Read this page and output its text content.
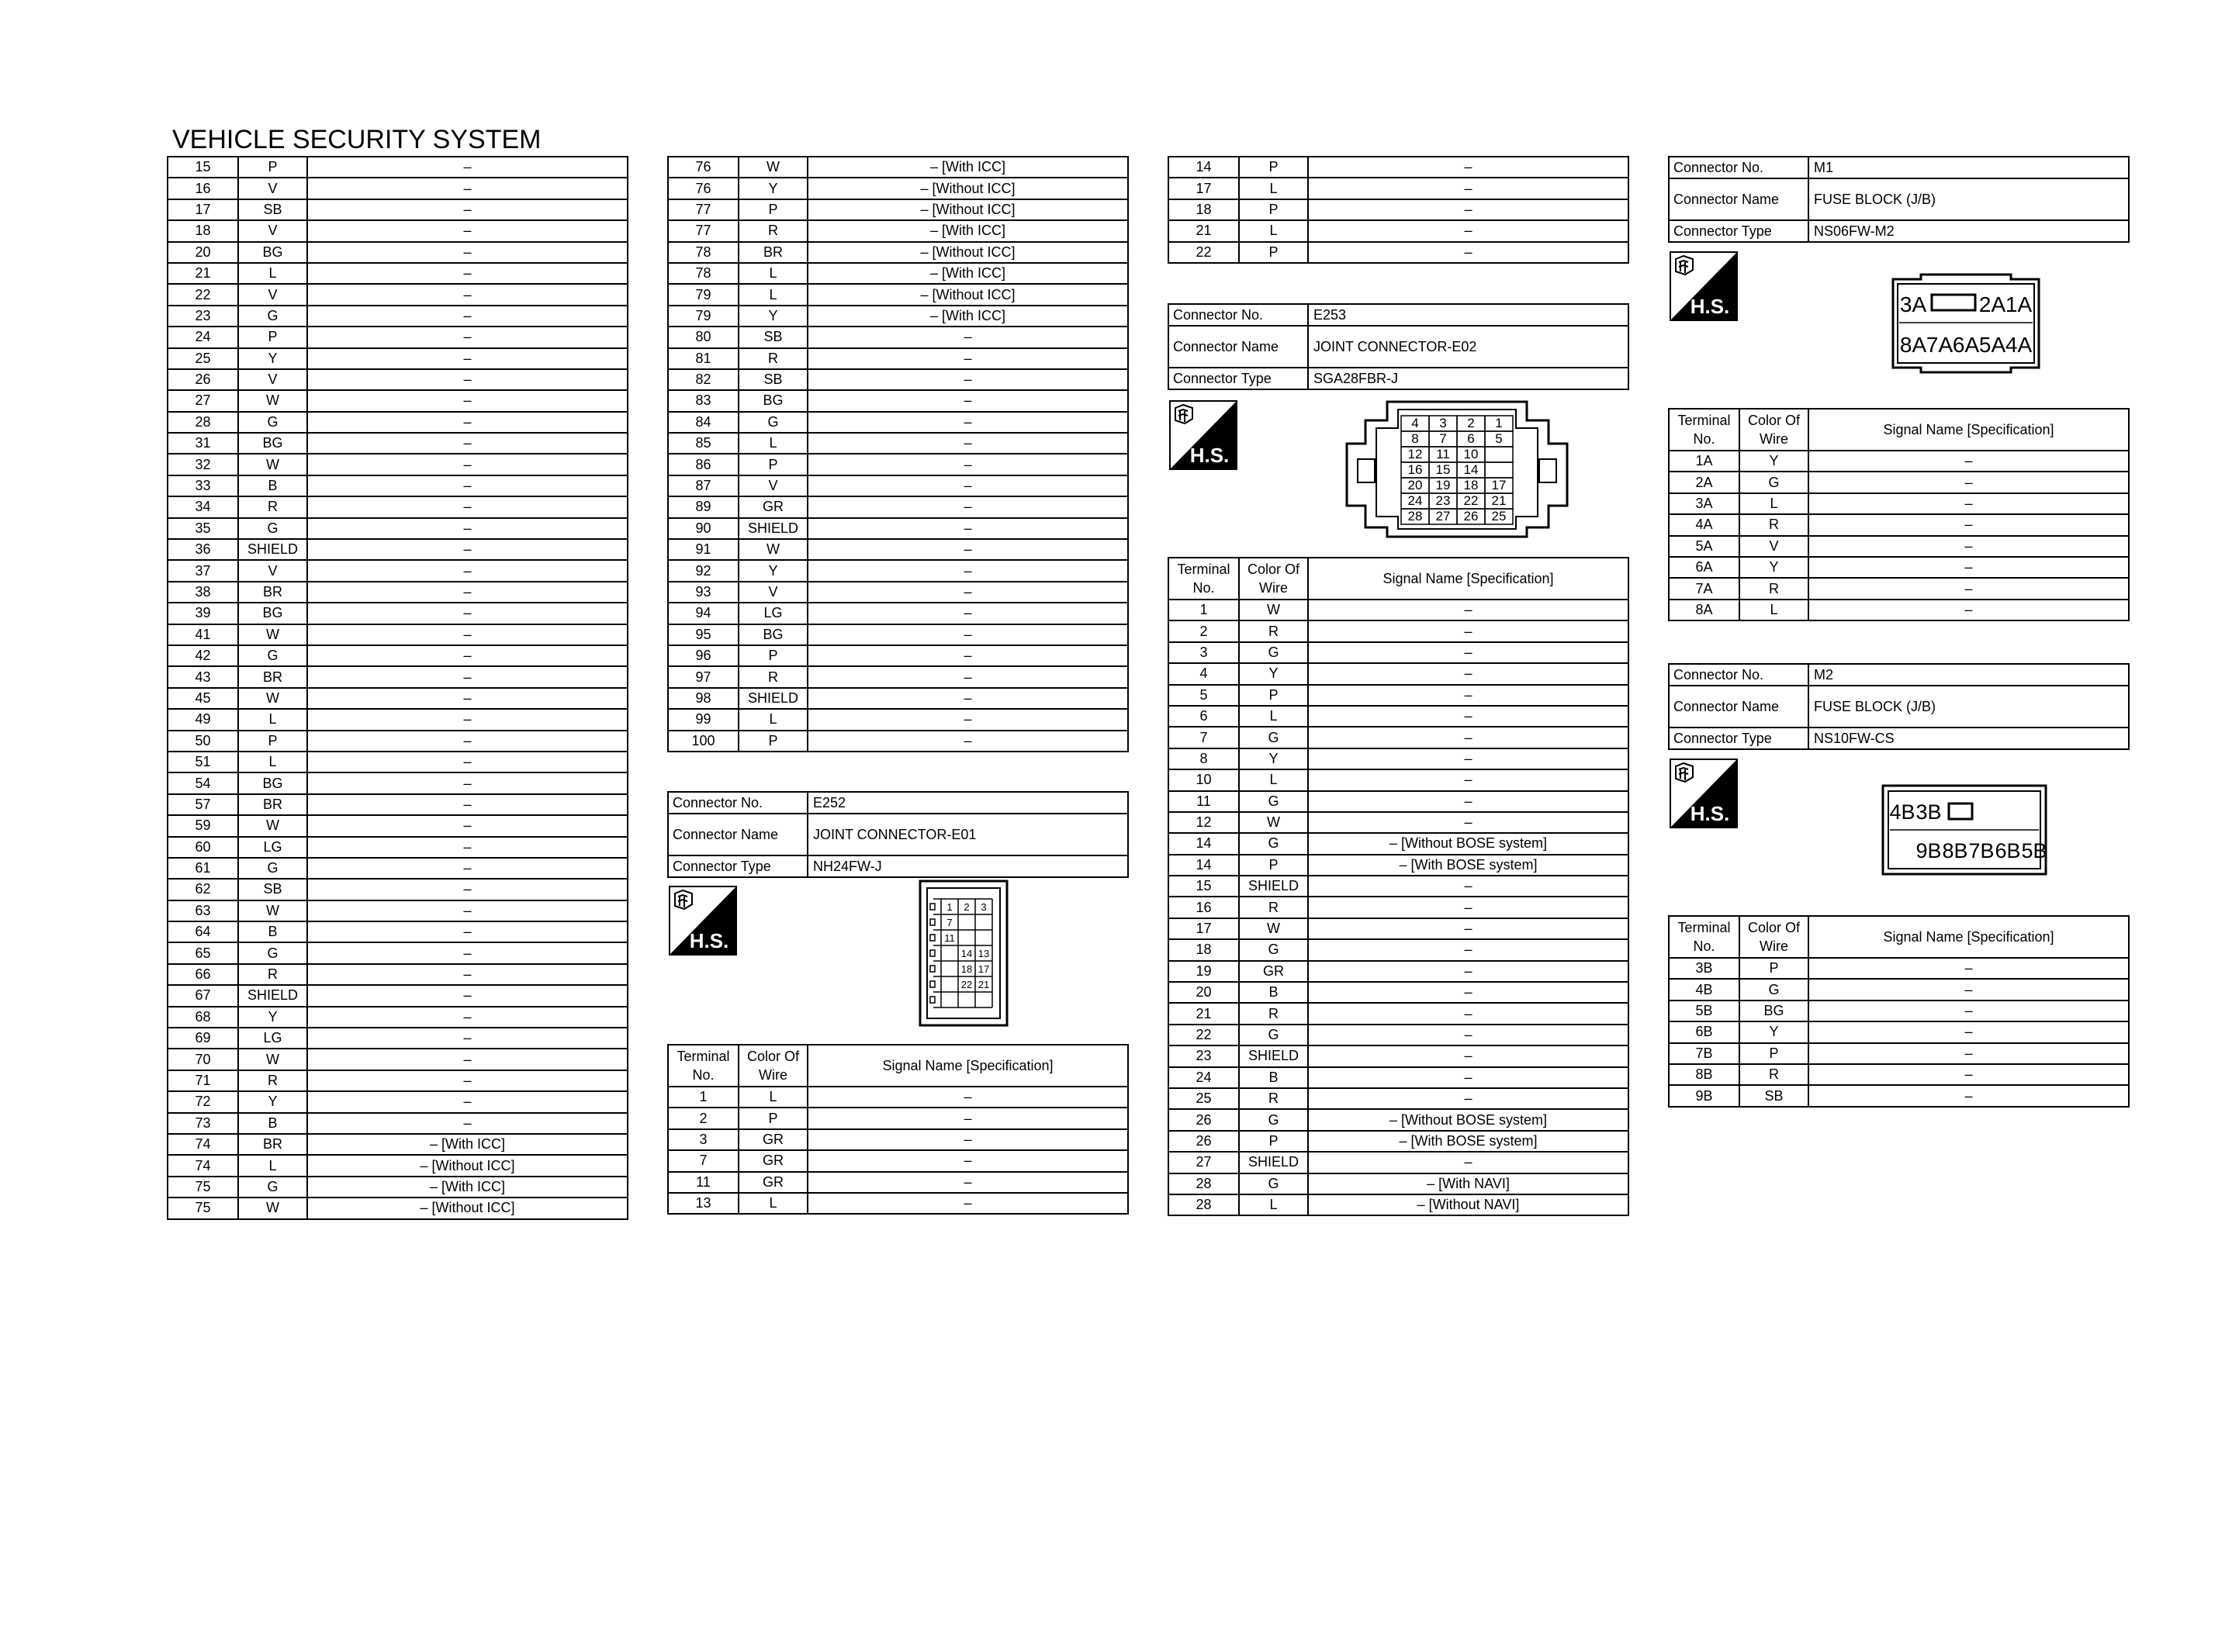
VEHICLE SECURITY SYSTEM
15	P	–
16	V	–
17	SB	–
18	V	–
20	BG	–
21	L	–
22	V	–
23	G	–
24	P	–
25	Y	–
26	V	–
27	W	–
28	G	–
31	BG	–
32	W	–
33	B	–
34	R	–
35	G	–
36	SHIELD	–
37	V	–
38	BR	–
39	BG	–
41	W	–
42	G	–
43	BR	–
45	W	–
49	L	–
50	P	–
51	L	–
54	BG	–
57	BR	–
59	W	–
60	LG	–
61	G	–
62	SB	–
63	W	–
64	B	–
65	G	–
66	R	–
67	SHIELD	–
68	Y	–
69	LG	–
70	W	–
71	R	–
72	Y	–
73	B	–
74	BR	– [With ICC]
74	L	– [Without ICC]
75	G	– [With ICC]
75	W	– [Without ICC]
76	W	– [With ICC]
76	Y	– [Without ICC]
77	P	– [Without ICC]
77	R	– [With ICC]
78	BR	– [Without ICC]
78	L	– [With ICC]
79	L	– [Without ICC]
79	Y	– [With ICC]
80	SB	–
81	R	–
82	SB	–
83	BG	–
84	G	–
85	L	–
86	P	–
87	V	–
89	GR	–
90	SHIELD	–
91	W	–
92	Y	–
93	V	–
94	LG	–
95	BG	–
96	P	–
97	R	–
98	SHIELD	–
99	L	–
100	P	–
Connector No.	E252
Connector Name	JOINT CONNECTOR-E01
Connector Type	NH24FW-J
H.S.
3
2
1
7
11
14 13
18 17
22 21
Terminal No.	Color Of Wire	Signal Name [Specification]
1	L	–
2	P	–
3	GR	–
7	GR	–
11	GR	–
13	L	–
14	P	–
17	L	–
18	P	–
21	L	–
22	P	–
Connector No.	E253
Connector Name	JOINT CONNECTOR-E02
Connector Type	SGA28FBR-J
H.S.
4 3 2 1
8 7 6 5
12 11 10
16 15 14
20 19 18 17
24 23 22 21
28 27 26 25
Terminal No.	Color Of Wire	Signal Name [Specification]
1	W	–
2	R	–
3	G	–
4	Y	–
5	P	–
6	L	–
7	G	–
8	Y	–
10	L	–
11	G	–
12	W	–
14	G	– [Without BOSE system]
14	P	– [With BOSE system]
15	SHIELD	–
16	R	–
17	W	–
18	G	–
19	GR	–
20	B	–
21	R	–
22	G	–
23	SHIELD	–
24	B	–
25	R	–
26	G	– [Without BOSE system]
26	P	– [With BOSE system]
27	SHIELD	–
28	G	– [With NAVI]
28	L	– [Without NAVI]
Connector No.	M1
Connector Name	FUSE BLOCK (J/B)
Connector Type	NS06FW-M2
H.S.	3A 2A 1A
8A 7A 6A 5A 4A
Terminal No.	Color Of Wire	Signal Name [Specification]
1A	Y	–
2A	G	–
3A	L	–
4A	R	–
5A	V	–
6A	Y	–
7A	R	–
8A	L	–
Connector No.	M2
Connector Name	FUSE BLOCK (J/B)
Connector Type	NS10FW-CS
H.S.	4B 3B
9B 8B 7B 6B 5B
Terminal No.	Color Of Wire	Signal Name [Specification]
3B	P	–
4B	G	–
5B	BG	–
6B	Y	–
7B	P	–
8B	R	–
9B	SB	–
